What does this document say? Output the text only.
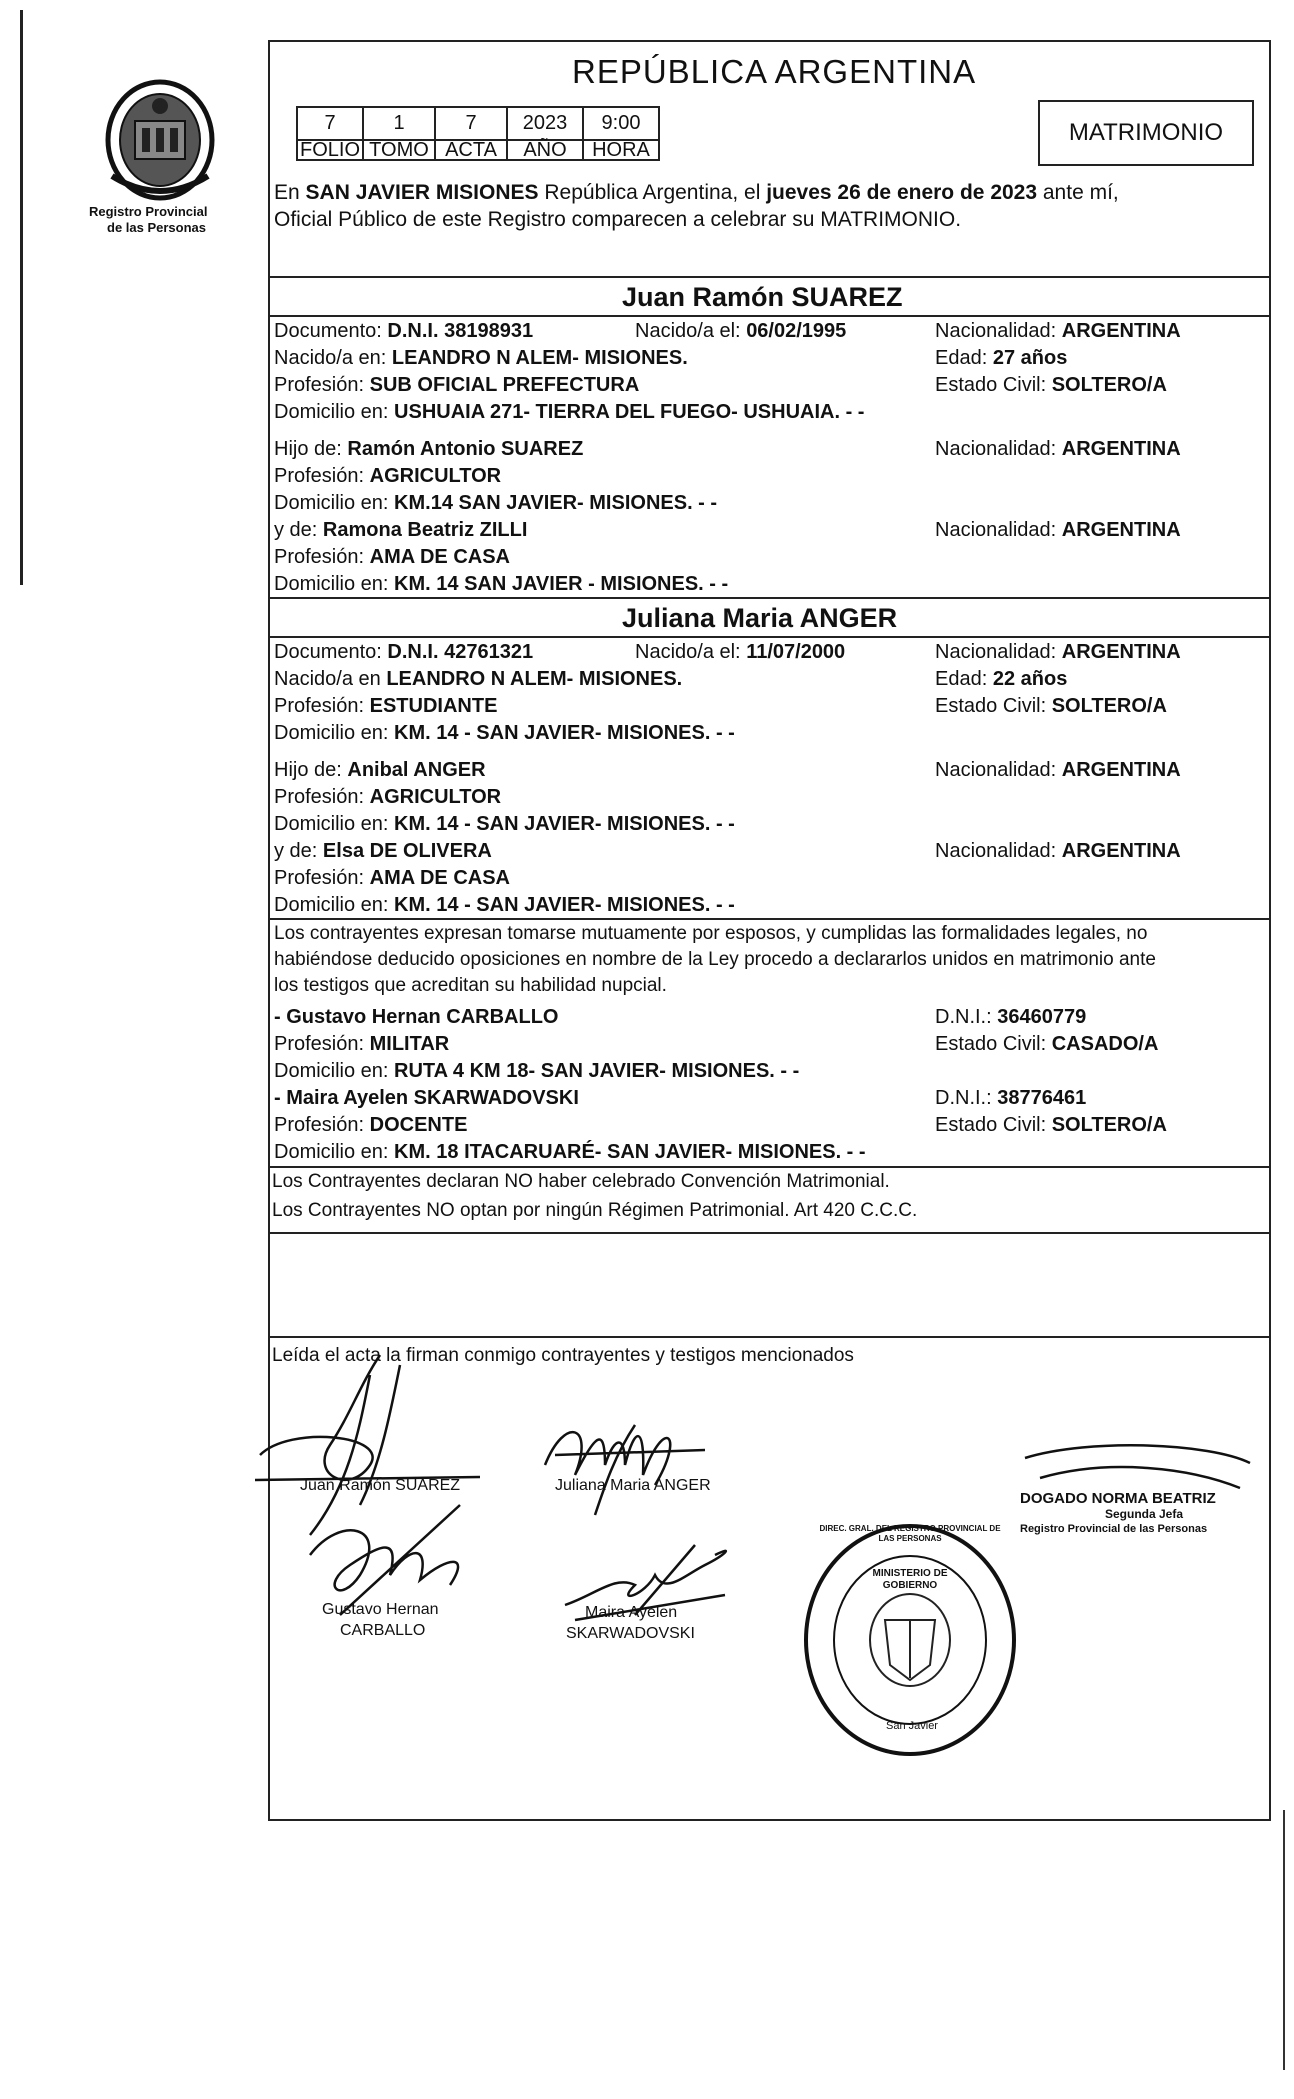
Registro Provincial
de las Personas
REPÚBLICA ARGENTINA
MATRIMONIO
7	1	7	2023	9:00
FOLIO	TOMO	ACTA	AÑO	HORA
En SAN JAVIER MISIONES República Argentina, el jueves 26 de enero de 2023 ante mí,
Oficial Público de este Registro comparecen a celebrar su MATRIMONIO.
Juan Ramón SUAREZ
Documento: D.N.I. 38198931	Nacido/a el: 06/02/1995	Nacionalidad: ARGENTINA
Nacido/a en: LEANDRO N ALEM- MISIONES.	Edad: 27 años
Profesión: SUB OFICIAL PREFECTURA	Estado Civil: SOLTERO/A
Domicilio en: USHUAIA 271- TIERRA DEL FUEGO- USHUAIA. - -
Hijo de: Ramón Antonio SUAREZ	Nacionalidad: ARGENTINA
Profesión: AGRICULTOR
Domicilio en: KM.14 SAN JAVIER- MISIONES. - -
y de: Ramona Beatriz ZILLI	Nacionalidad: ARGENTINA
Profesión: AMA DE CASA
Domicilio en: KM. 14 SAN JAVIER - MISIONES. - -
Juliana Maria ANGER
Documento: D.N.I. 42761321	Nacido/a el: 11/07/2000	Nacionalidad: ARGENTINA
Nacido/a en LEANDRO N ALEM- MISIONES.	Edad: 22 años
Profesión: ESTUDIANTE	Estado Civil: SOLTERO/A
Domicilio en: KM. 14 - SAN JAVIER- MISIONES. - -
Hijo de: Anibal ANGER	Nacionalidad: ARGENTINA
Profesión: AGRICULTOR
Domicilio en: KM. 14 - SAN JAVIER- MISIONES. - -
y de: Elsa DE OLIVERA	Nacionalidad: ARGENTINA
Profesión: AMA DE CASA
Domicilio en: KM. 14 - SAN JAVIER- MISIONES. - -
Los contrayentes expresan tomarse mutuamente por esposos, y cumplidas las formalidades legales, no
habiéndose deducido oposiciones en nombre de la Ley procedo a declararlos unidos en matrimonio ante
los testigos que acreditan su habilidad nupcial.
- Gustavo Hernan CARBALLO	D.N.I.: 36460779
Profesión: MILITAR	Estado Civil: CASADO/A
Domicilio en: RUTA 4 KM 18- SAN JAVIER- MISIONES. - -
- Maira Ayelen SKARWADOVSKI	D.N.I.: 38776461
Profesión: DOCENTE	Estado Civil: SOLTERO/A
Domicilio en: KM. 18 ITACARUARÉ- SAN JAVIER- MISIONES. - -
Los Contrayentes declaran NO haber celebrado Convención Matrimonial.
Los Contrayentes NO optan por ningún Régimen Patrimonial. Art 420 C.C.C.
Leída el acta la firman conmigo contrayentes y testigos mencionados
Juan Ramón SUAREZ	Juliana Maria ANGER
Gustavo Hernan
CARBALLO
Maira Ayelen
SKARWADOVSKI
DOGADO NORMA BEATRIZ
Segunda Jefa
Registro Provincial de las Personas
DIREC. GRAL. DEL REGISTRO PROVINCIAL DE LAS PERSONAS
MINISTERIO DE GOBIERNO
San Javier
